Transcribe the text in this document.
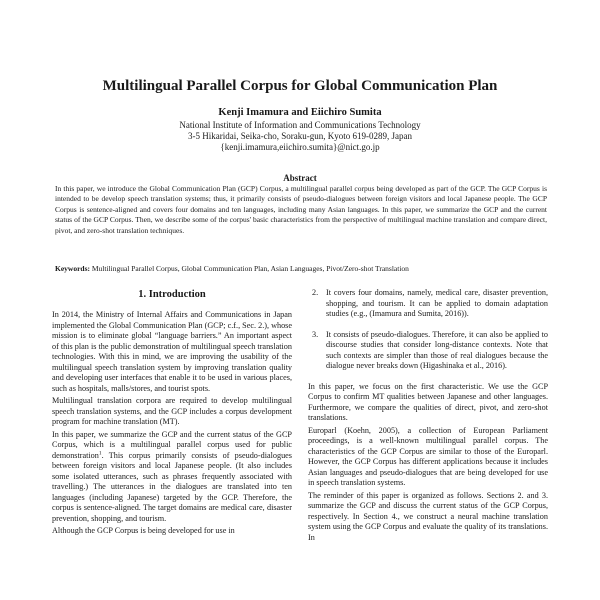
Multilingual Parallel Corpus for Global Communication Plan
Kenji Imamura and Eiichiro Sumita
National Institute of Information and Communications Technology
3-5 Hikaridai, Seika-cho, Soraku-gun, Kyoto 619-0289, Japan
{kenji.imamura,eiichiro.sumita}@nict.go.jp
Abstract
In this paper, we introduce the Global Communication Plan (GCP) Corpus, a multilingual parallel corpus being developed as part of the GCP. The GCP Corpus is intended to be develop speech translation systems; thus, it primarily consists of pseudo-dialogues between foreign visitors and local Japanese people. The GCP Corpus is sentence-aligned and covers four domains and ten languages, including many Asian languages. In this paper, we summarize the GCP and the current status of the GCP Corpus. Then, we describe some of the corpus' basic characteristics from the perspective of multilingual machine translation and compare direct, pivot, and zero-shot translation techniques.
Keywords: Multilingual Parallel Corpus, Global Communication Plan, Asian Languages, Pivot/Zero-shot Translation
1. Introduction

In 2014, the Ministry of Internal Affairs and Communications in Japan implemented the Global Communication Plan (GCP; c.f., Sec. 2.), whose mission is to eliminate global “language barriers.” An important aspect of this plan is the public demonstration of multilingual speech translation technologies. With this in mind, we are improving the usability of the multilingual speech translation system by improving translation quality and developing user interfaces that enable it to be used in various places, such as hospitals, malls/stores, and tourist spots.

Multilingual translation corpora are required to develop multilingual speech translation systems, and the GCP includes a corpus development program for machine translation (MT).

In this paper, we summarize the GCP and the current status of the GCP Corpus, which is a multilingual parallel corpus used for public demonstration$^1$. This corpus primarily consists of pseudo-dialogues between foreign visitors and local Japanese people. (It also includes some isolated utterances, such as phrases frequently associated with travelling.) The utterances in the dialogues are translated into ten languages (including Japanese) targeted by the GCP. Therefore, the corpus is sentence-aligned. The target domains are medical care, disaster prevention, shopping, and tourism.

Although the GCP Corpus is being developed for use in

2. It covers four domains, namely, medical care, disaster prevention, shopping, and tourism. It can be applied to domain adaptation studies (e.g., (Imamura and Sumita, 2016)).
3. It consists of pseudo-dialogues. Therefore, it can also be applied to discourse studies that consider long-distance contexts. Note that such contexts are simpler than those of real dialogues because the dialogue never breaks down (Higashinaka et al., 2016).

In this paper, we focus on the first characteristic. We use the GCP Corpus to confirm MT qualities between Japanese and other languages. Furthermore, we compare the qualities of direct, pivot, and zero-shot translations.

Europarl (Koehn, 2005), a collection of European Parliament proceedings, is a well-known multilingual parallel corpus. The characteristics of the GCP Corpus are similar to those of the Europarl. However, the GCP Corpus has different applications because it includes Asian languages and pseudo-dialogues that are being developed for use in speech translation systems.

The reminder of this paper is organized as follows. Sections 2. and 3. summarize the GCP and discuss the current status of the GCP Corpus, respectively. In Section 4., we construct a neural machine translation system using the GCP Corpus and evaluate the quality of its translations. In
